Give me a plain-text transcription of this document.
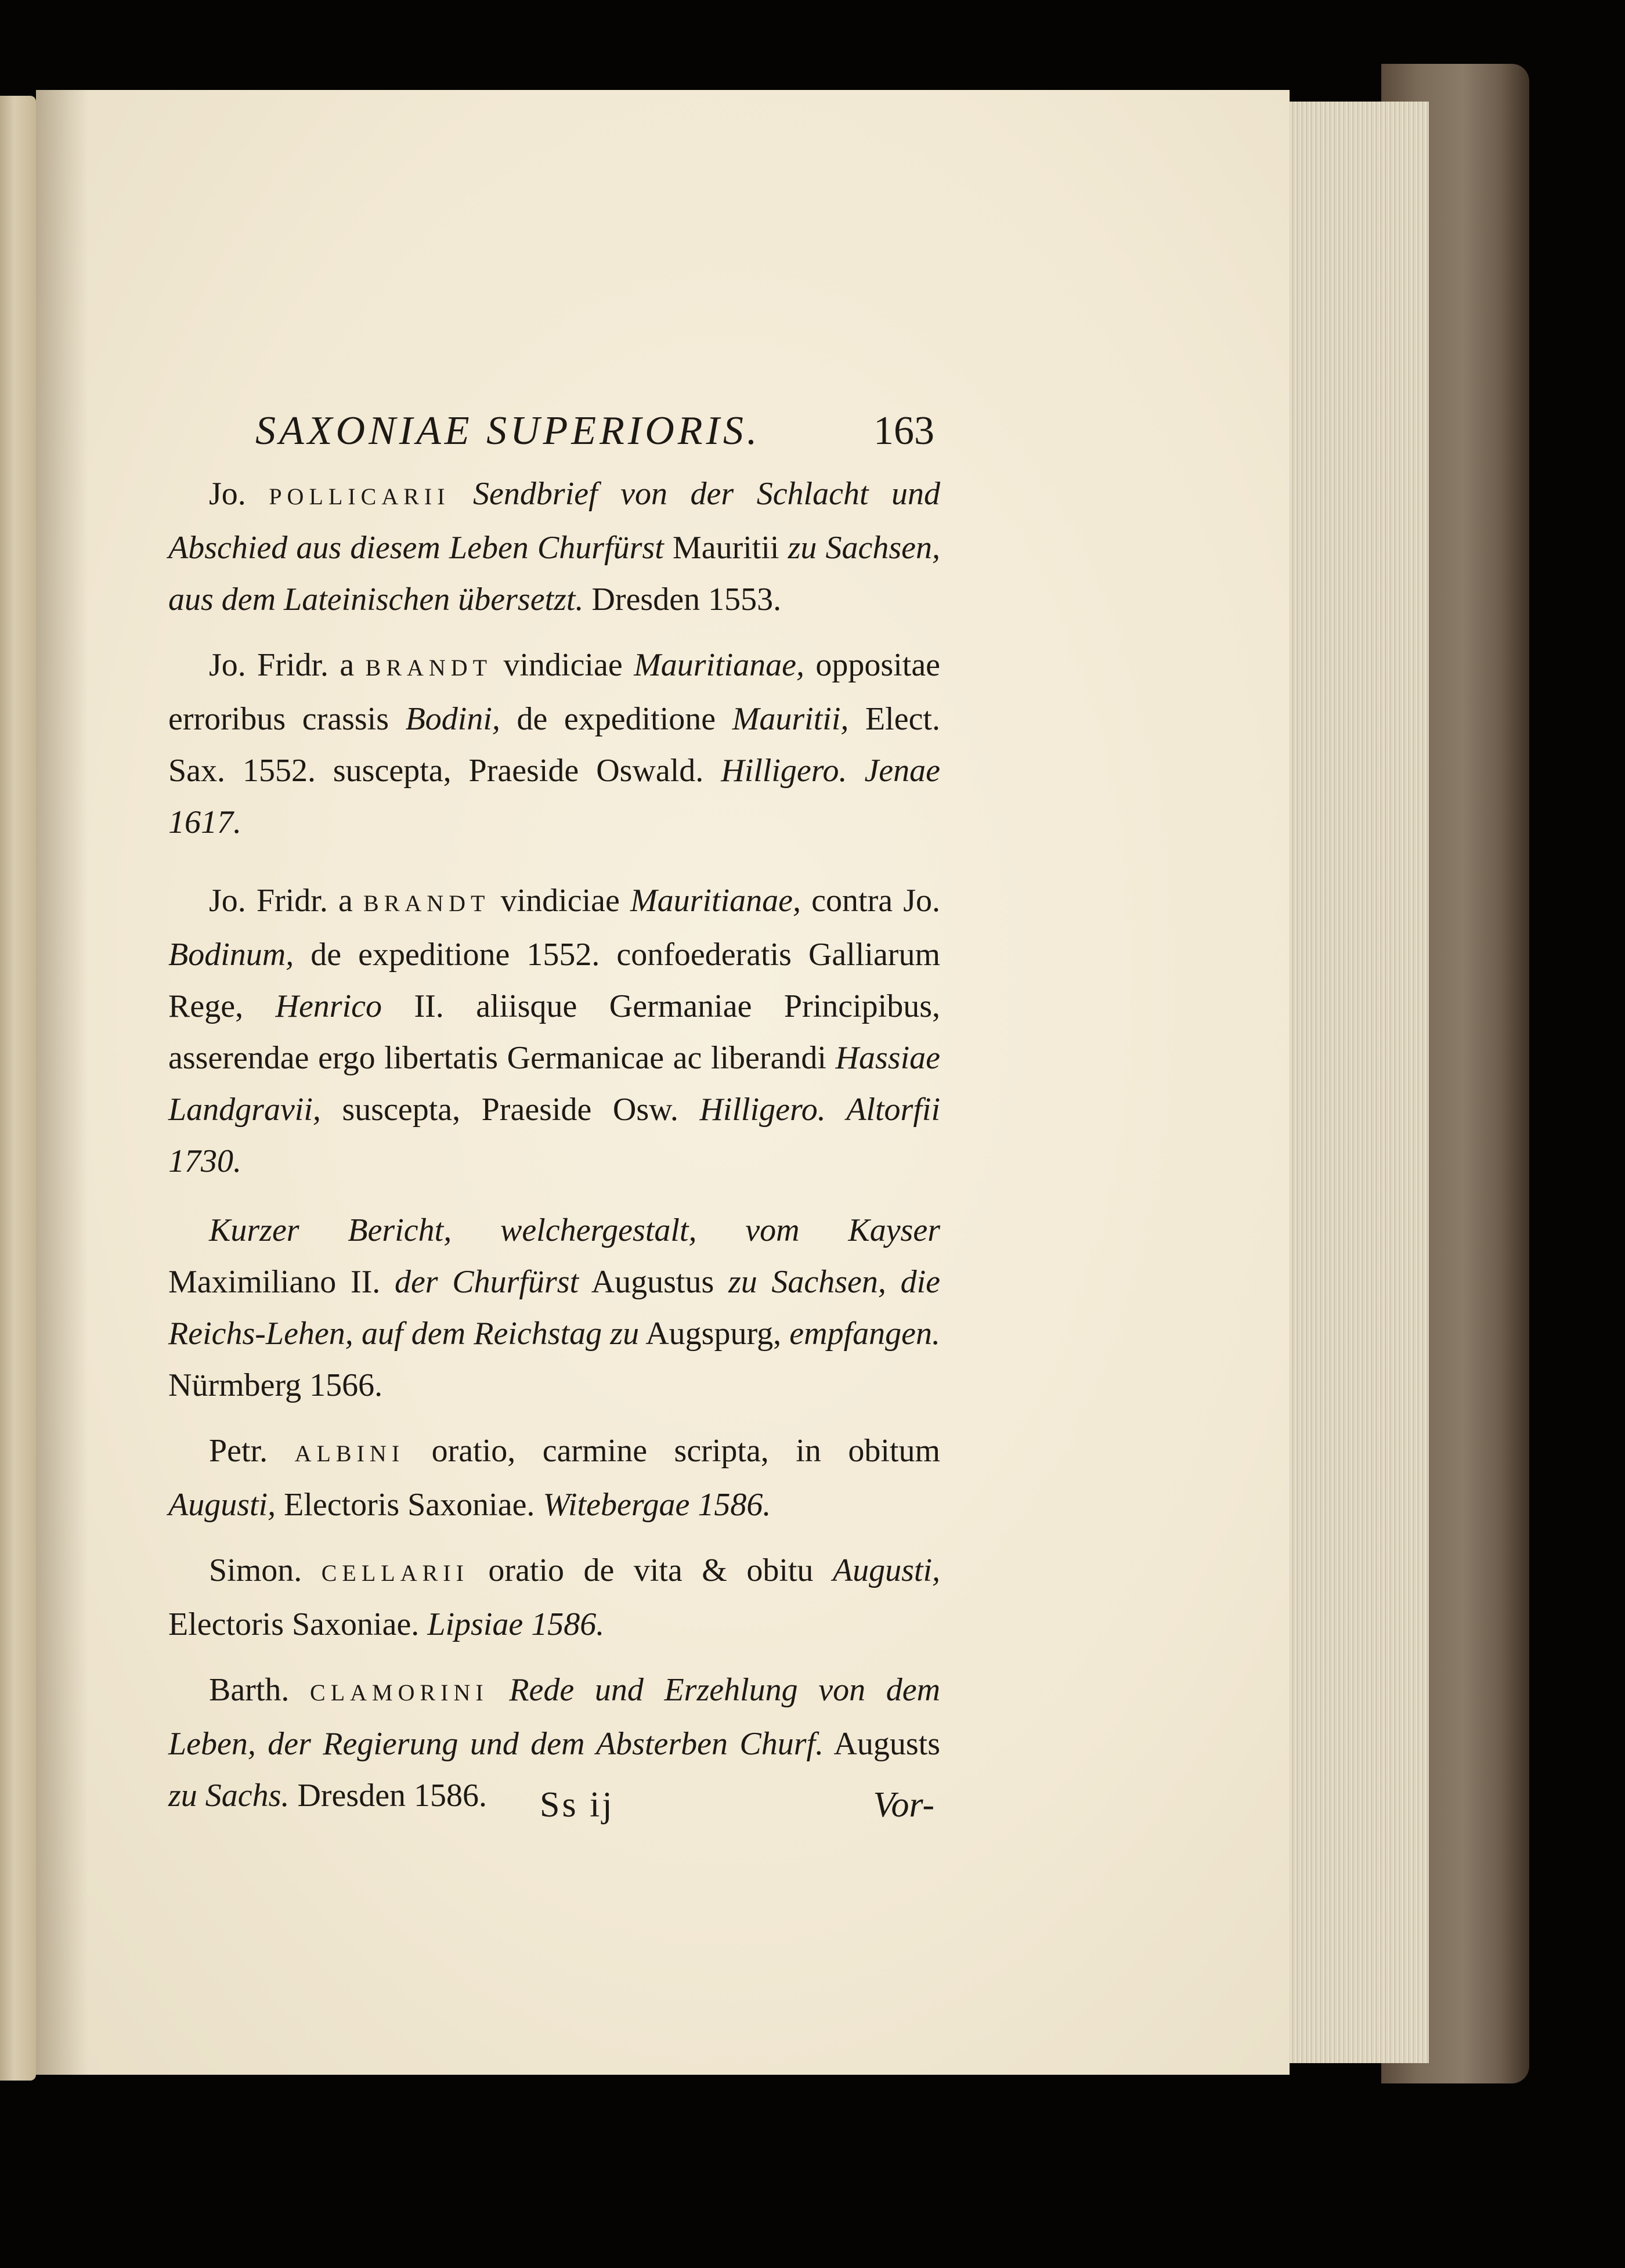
SAXONIAE SUPERIORIS.	163

Jo. POLLICARII Sendbrief von der Schlacht und Abschied aus diesem Leben Churfürst Mauritii zu Sachsen, aus dem Lateinischen übersetzt. Dresden 1553.

Jo. Fridr. a BRANDT vindiciae Mauritianae, oppositae erroribus crassis Bodini, de expeditione Mauritii, Elect. Sax. 1552. suscepta, Praeside Oswald. Hilligero. Jenae 1617.

Jo. Fridr. a BRANDT vindiciae Mauritianae, contra Jo. Bodinum, de expeditione 1552. confoederatis Galliarum Rege, Henrico II. aliisque Germaniae Principibus, asserendae ergo libertatis Germanicae ac liberandi Hassiae Landgravii, suscepta, Praeside Osw. Hilligero. Altorfii 1730.

Kurzer Bericht, welchergestalt, vom Kayser Maximiliano II. der Churfürst Augustus zu Sachsen, die Reichs-Lehen, auf dem Reichstag zu Augspurg, empfangen. Nürmberg 1566.

Petr. ALBINI oratio, carmine scripta, in obitum Augusti, Electoris Saxoniae. Witebergae 1586.

Simon. CELLARII oratio de vita & obitu Augusti, Electoris Saxoniae. Lipsiae 1586.

Barth. CLAMORINI Rede und Erzehlung von dem Leben, der Regierung und dem Absterben Churf. Augusts zu Sachs. Dresden 1586.	Ss ij	Vor-
